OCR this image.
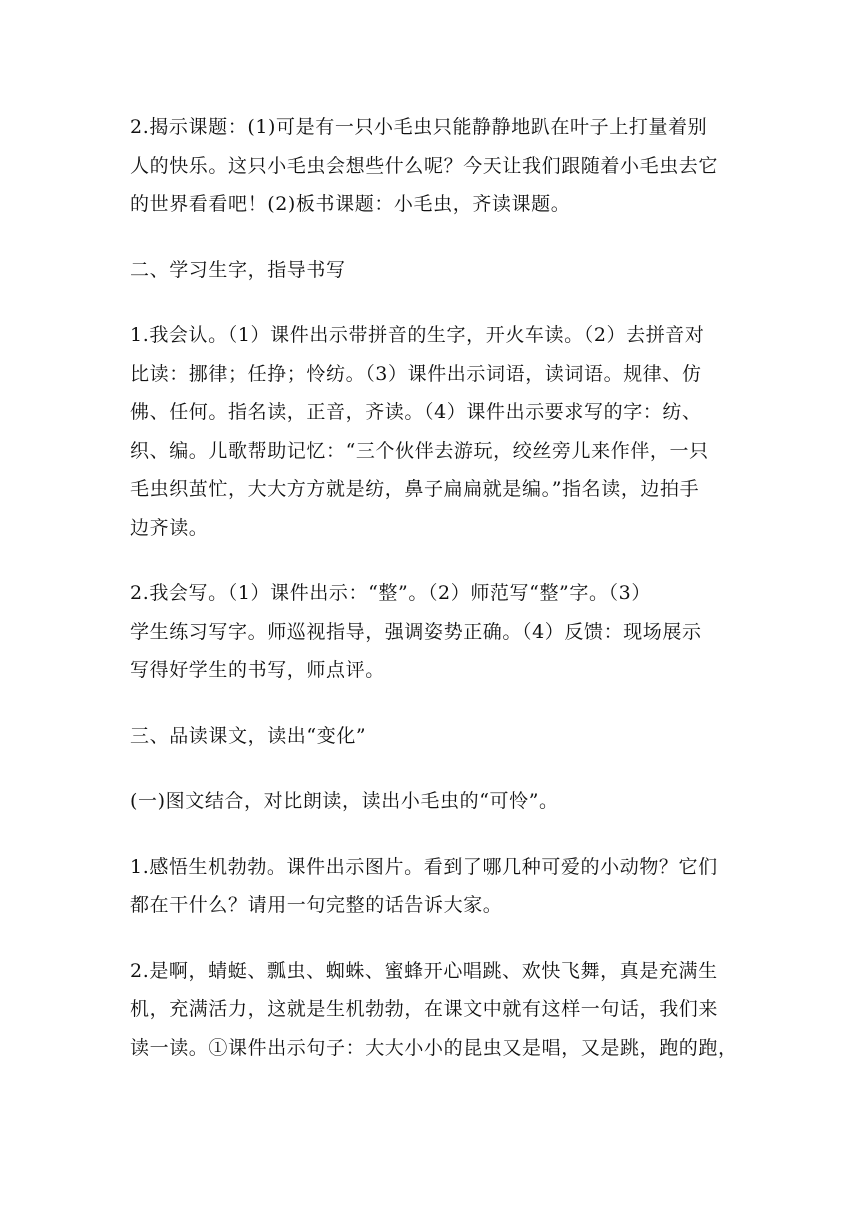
2.揭示课题：(1)可是有一只小毛虫只能静静地趴在叶子上打量着别
人的快乐。这只小毛虫会想些什么呢？今天让我们跟随着小毛虫去它
的世界看看吧！(2)板书课题：小毛虫，齐读课题。

二、学习生字，指导书写

1.我会认。（1）课件出示带拼音的生字，开火车读。（2）去拼音对
比读：挪律；任挣；怜纺。（3）课件出示词语，读词语。规律、仿
佛、任何。指名读，正音，齐读。（4）课件出示要求写的字：纺、
织、编。儿歌帮助记忆：“三个伙伴去游玩，绞丝旁儿来作伴，一只
毛虫织茧忙，大大方方就是纺，鼻子扁扁就是编。”指名读，边拍手
边齐读。

2.我会写。（1）课件出示：“整”。（2）师范写“整”字。（3）
学生练习写字。师巡视指导，强调姿势正确。（4）反馈：现场展示
写得好学生的书写，师点评。

三、品读课文，读出“变化”

(一)图文结合，对比朗读，读出小毛虫的“可怜”。

1.感悟生机勃勃。课件出示图片。看到了哪几种可爱的小动物？它们
都在干什么？请用一句完整的话告诉大家。

2.是啊，蜻蜓、瓢虫、蜘蛛、蜜蜂开心唱跳、欢快飞舞，真是充满生
机，充满活力，这就是生机勃勃，在课文中就有这样一句话，我们来
读一读。①课件出示句子：大大小小的昆虫又是唱，又是跳，跑的跑，
